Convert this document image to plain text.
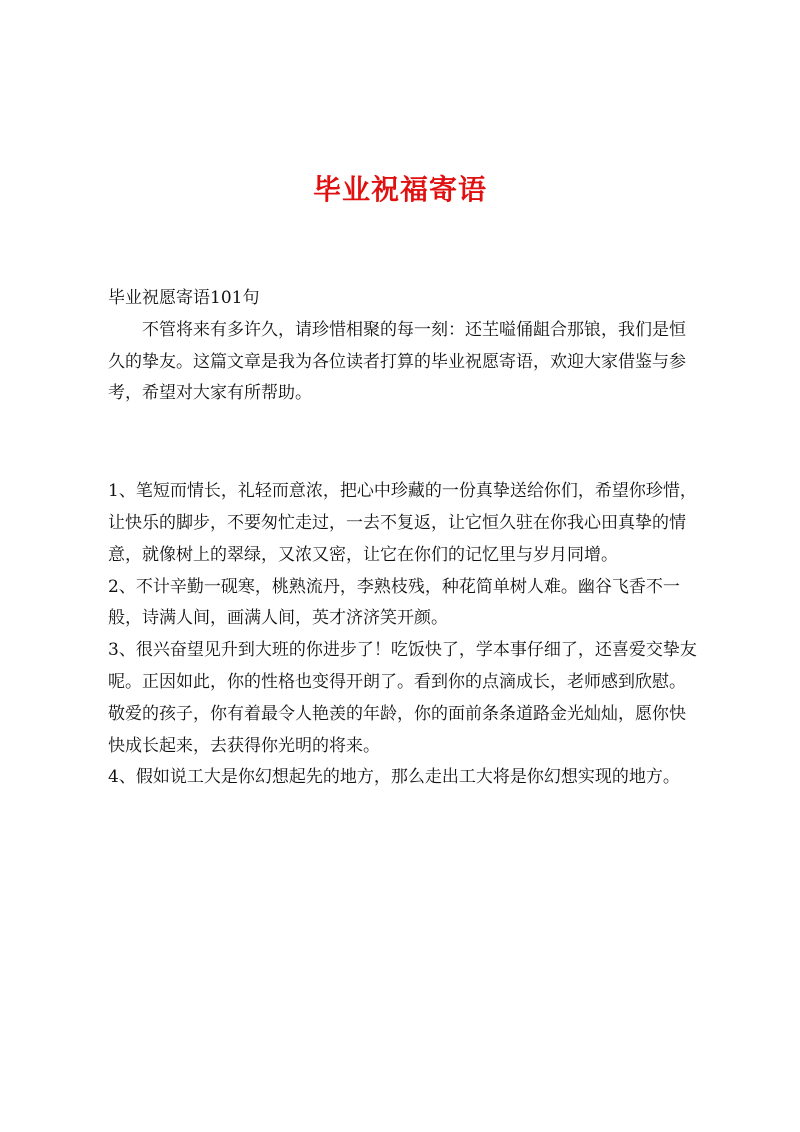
毕业祝福寄语

毕业祝愿寄语101句

不管将来有多许久，请珍惜相聚的每一刻：还芏嗌俑龃合那锒，我们是恒久的挚友。这篇文章是我为各位读者打算的毕业祝愿寄语，欢迎大家借鉴与参考，希望对大家有所帮助。

1、笔短而情长，礼轻而意浓，把心中珍藏的一份真挚送给你们，希望你珍惜，让快乐的脚步，不要匆忙走过，一去不复返，让它恒久驻在你我心田真挚的情意，就像树上的翠绿，又浓又密，让它在你们的记忆里与岁月同增。

2、不计辛勤一砚寒，桃熟流丹，李熟枝残，种花简单树人难。幽谷飞香不一般，诗满人间，画满人间，英才济济笑开颜。

3、很兴奋望见升到大班的你进步了！吃饭快了，学本事仔细了，还喜爱交挚友呢。正因如此，你的性格也变得开朗了。看到你的点滴成长，老师感到欣慰。敬爱的孩子，你有着最令人艳羡的年龄，你的面前条条道路金光灿灿，愿你快快成长起来，去获得你光明的将来。

4、假如说工大是你幻想起先的地方，那么走出工大将是你幻想实现的地方。
